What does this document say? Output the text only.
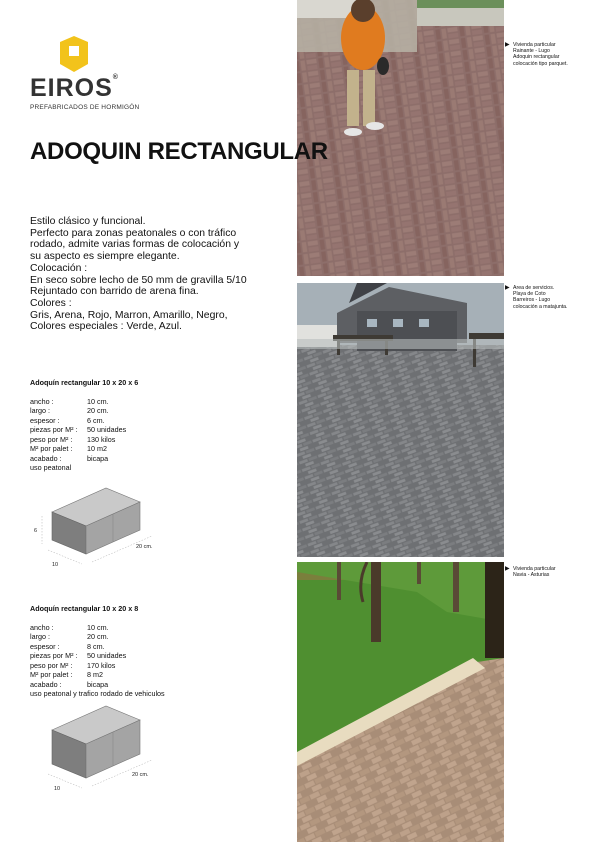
EIROS®
PREFABRICADOS DE HORMIGÓN
ADOQUIN RECTANGULAR
Estilo clásico y funcional.
Perfecto para zonas peatonales o con tráfico
rodado, admite varias formas de colocación y
su aspecto es siempre elegante.
Colocación :
En seco sobre lecho de 50 mm de gravilla 5/10
Rejuntado con barrido de arena fina.
Colores :
Gris, Arena, Rojo, Marron, Amarillo, Negro,
Colores especiales : Verde, Azul.
Adoquín rectangular 10 x 20 x 6
ancho :	10 cm.
largo :	20 cm.
espesor :	6 cm.
piezas por M² :	50 unidades
peso por M² :	130 kilos
M² por palet :	10 m2
acabado :	bicapa
uso peatonal
6
10
20 cm.
Adoquín rectangular 10 x 20 x 8
ancho :	10 cm.
largo :	20 cm.
espesor :	8 cm.
piezas por M² :	50 unidades
peso por M² :	170 kilos
M² por palet :	8 m2
acabado :	bicapa
uso peatonal y trafico rodado de vehiculos
10
20 cm.
▶ Vivienda particular
Rainante - Lugo
Adoquin rectangular
colocación tipo parquet.
▶ Area de servicios.
Playa de Coto
Barreiros - Lugo
colocación a matajunta.
▶ Vivienda particular
Navia - Asturias
